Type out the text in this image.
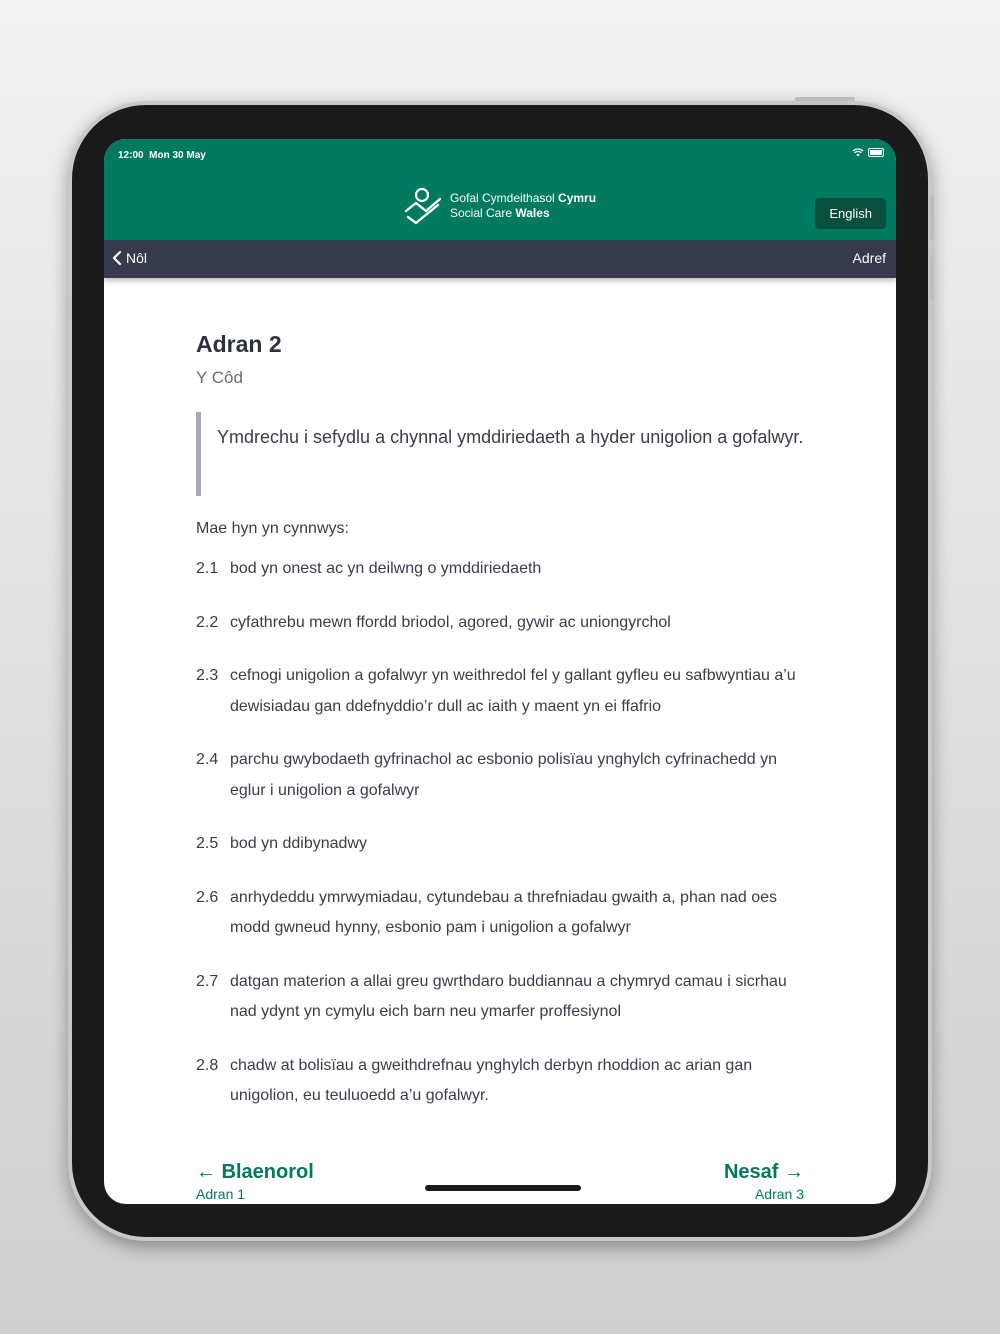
12:00 Mon 30 May
Gofal Cymdeithasol Cymru
Social Care Wales	English
Nôl	Adref
Adran 2
Y Côd
Ymdrechu i sefydlu a chynnal ymddiriedaeth a hyder unigolion a gofalwyr.
Mae hyn yn cynnwys:
2.1 bod yn onest ac yn deilwng o ymddiriedaeth
2.2 cyfathrebu mewn ffordd briodol, agored, gywir ac uniongyrchol
2.3 cefnogi unigolion a gofalwyr yn weithredol fel y gallant gyfleu eu safbwyntiau a’u dewisiadau gan ddefnyddio’r dull ac iaith y maent yn ei ffafrio
2.4 parchu gwybodaeth gyfrinachol ac esbonio polisïau ynghylch cyfrinachedd yn eglur i unigolion a gofalwyr
2.5 bod yn ddibynadwy
2.6 anrhydeddu ymrwymiadau, cytundebau a threfniadau gwaith a, phan nad oes modd gwneud hynny, esbonio pam i unigolion a gofalwyr
2.7 datgan materion a allai greu gwrthdaro buddiannau a chymryd camau i sicrhau nad ydynt yn cymylu eich barn neu ymarfer proffesiynol
2.8 chadw at bolisïau a gweithdrefnau ynghylch derbyn rhoddion ac arian gan unigolion, eu teuluoedd a’u gofalwyr.
← Blaenorol
Adran 1
Nesaf →
Adran 3
